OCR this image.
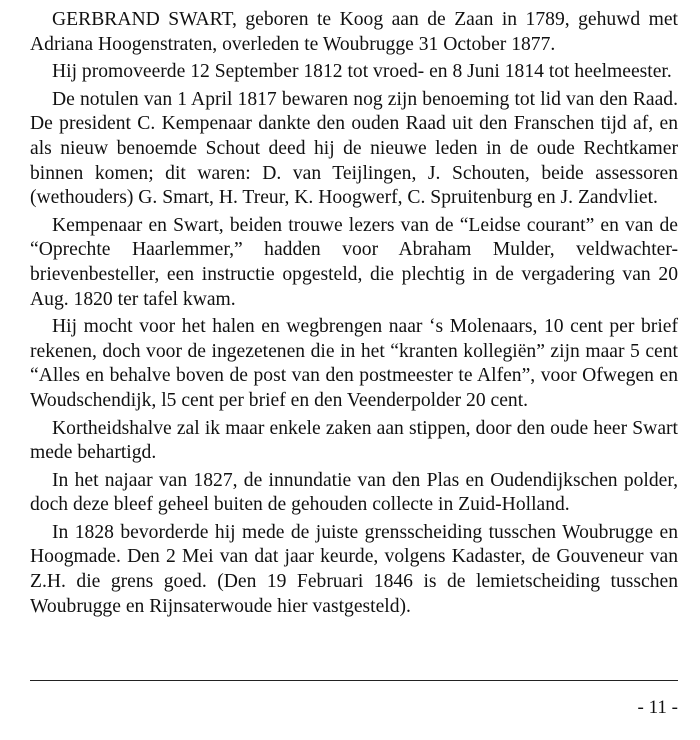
GERBRAND SWART, geboren te Koog aan de Zaan in 1789, gehuwd met Adriana Hoogenstraten, overleden te Woubrugge 31 October 1877.

Hij promoveerde 12 September 1812 tot vroed- en 8 Juni 1814 tot heelmeester.

De notulen van 1 April 1817 bewaren nog zijn benoeming tot lid van den Raad. De president C. Kempenaar dankte den ouden Raad uit den Franschen tijd af, en als nieuw benoemde Schout deed hij de nieuwe leden in de oude Rechtkamer binnen komen; dit waren: D. van Teijlingen, J. Schouten, beide assessoren (wethouders) G. Smart, H. Treur, K. Hoogwerf, C. Spruitenburg en J. Zandvliet.

Kempenaar en Swart, beiden trouwe lezers van de “Leidse courant” en van de “Oprechte Haarlemmer,” hadden voor Abraham Mulder, veldwachter-brievenbesteller, een instructie opgesteld, die plechtig in de vergadering van 20 Aug. 1820 ter tafel kwam.

Hij mocht voor het halen en wegbrengen naar ‘s Molenaars, 10 cent per brief rekenen, doch voor de ingezetenen die in het “kranten kollegiën” zijn maar 5 cent “Alles en behalve boven de post van den postmeester te Alfen”, voor Ofwegen en Woudschendijk, l5 cent per brief en den Veenderpolder 20 cent.

Kortheidshalve zal ik maar enkele zaken aan stippen, door den oude heer Swart mede behartigd.

In het najaar van 1827, de innundatie van den Plas en Oudendijkschen polder, doch deze bleef geheel buiten de gehouden collecte in Zuid-Holland.

In 1828 bevorderde hij mede de juiste grensscheiding tusschen Woubrugge en Hoogmade. Den 2 Mei van dat jaar keurde, volgens Kadaster, de Gouveneur van Z.H. die grens goed. (Den 19 Februari 1846 is de lemietscheiding tusschen Woubrugge en Rijnsaterwoude hier vastgesteld).

- 11 -
